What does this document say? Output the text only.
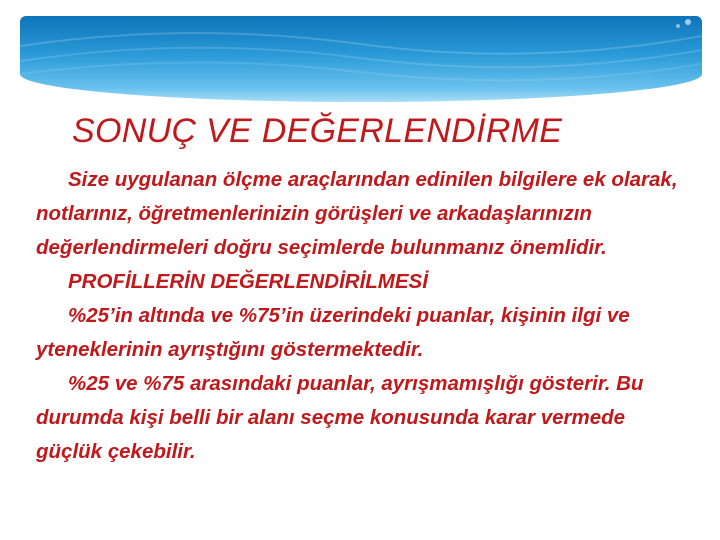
SONUÇ VE DEĞERLENDİRME

Size uygulanan ölçme araçlarından edinilen bilgilere ek olarak, notlarınız, öğretmenlerinizin görüşleri ve arkadaşlarınızın değerlendirmeleri doğru seçimlerde bulunmanız önemlidir.

PROFİLLERİN DEĞERLENDİRİLMESİ

%25’in altında ve %75’in üzerindeki puanlar, kişinin ilgi ve yteneklerinin ayrıştığını göstermektedir.

%25 ve %75 arasındaki puanlar, ayrışmamışlığı gösterir. Bu durumda kişi belli bir alanı seçme konusunda karar vermede güçlük çekebilir.
